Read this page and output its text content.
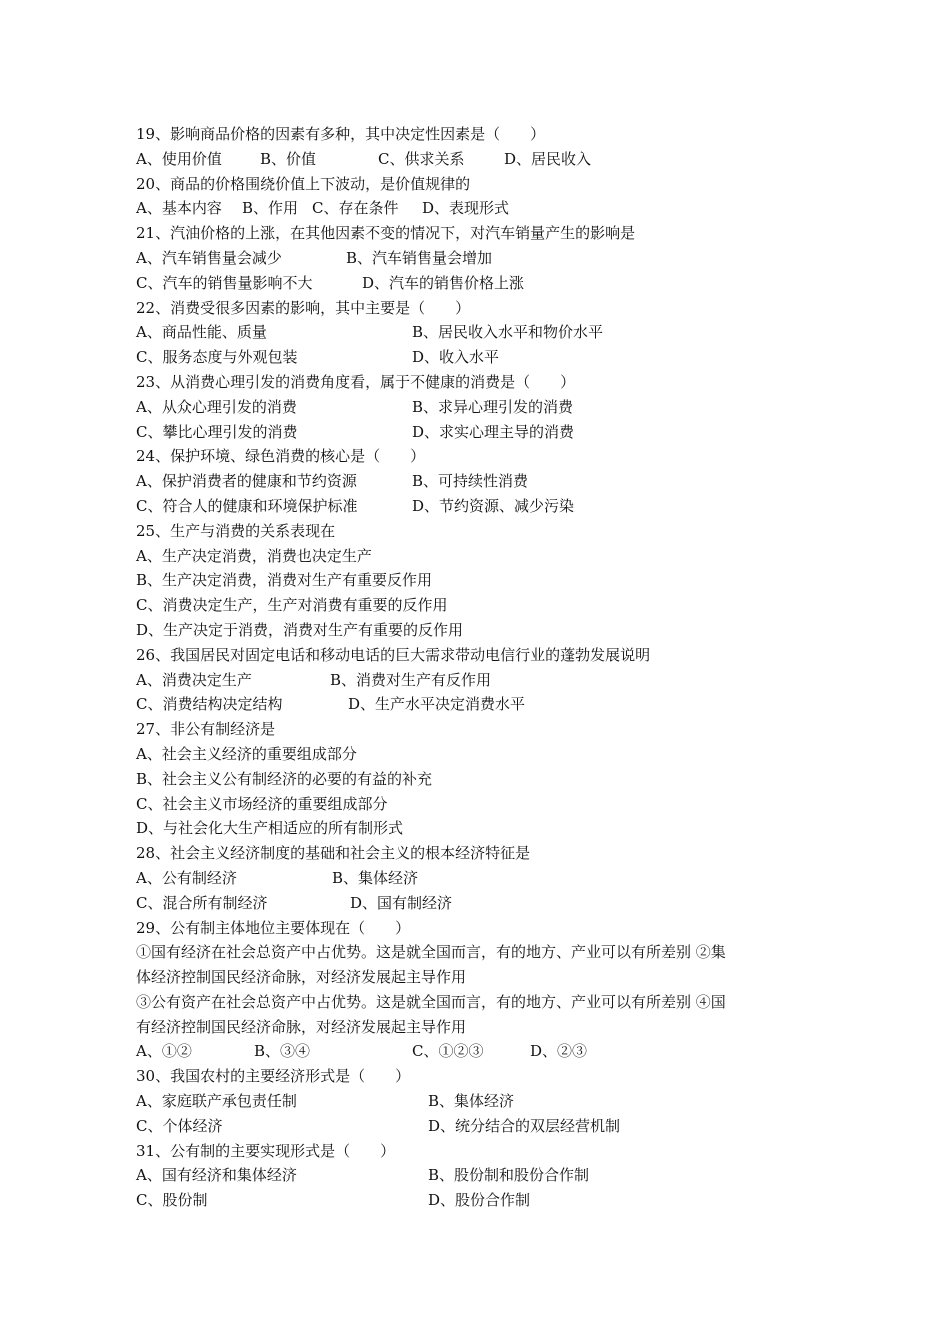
19、影响商品价格的因素有多种，其中决定性因素是（　　）
A、使用价值	B、价值	C、供求关系	D、居民收入
20、商品的价格围绕价值上下波动，是价值规律的
A、基本内容 B、作用 C、存在条件 D、表现形式
21、汽油价格的上涨，在其他因素不变的情况下，对汽车销量产生的影响是
A、汽车销售量会减少	B、汽车销售量会增加
C、汽车的销售量影响不大	D、汽车的销售价格上涨
22、消费受很多因素的影响，其中主要是（　　）
A、商品性能、质量	B、居民收入水平和物价水平
C、服务态度与外观包装	D、收入水平
23、从消费心理引发的消费角度看，属于不健康的消费是（　　）
A、从众心理引发的消费	B、求异心理引发的消费
C、攀比心理引发的消费	D、求实心理主导的消费
24、保护环境、绿色消费的核心是（　　）
A、保护消费者的健康和节约资源	B、可持续性消费
C、符合人的健康和环境保护标准	D、节约资源、减少污染
25、生产与消费的关系表现在
A、生产决定消费，消费也决定生产
B、生产决定消费，消费对生产有重要反作用
C、消费决定生产，生产对消费有重要的反作用
D、生产决定于消费，消费对生产有重要的反作用
26、我国居民对固定电话和移动电话的巨大需求带动电信行业的蓬勃发展说明
A、消费决定生产	B、消费对生产有反作用
C、消费结构决定结构	D、生产水平决定消费水平
27、非公有制经济是
A、社会主义经济的重要组成部分
B、社会主义公有制经济的必要的有益的补充
C、社会主义市场经济的重要组成部分
D、与社会化大生产相适应的所有制形式
28、社会主义经济制度的基础和社会主义的根本经济特征是
A、公有制经济	B、集体经济
C、混合所有制经济	D、国有制经济
29、公有制主体地位主要体现在（　　）
①国有经济在社会总资产中占优势。这是就全国而言，有的地方、产业可以有所差别 ②集
体经济控制国民经济命脉，对经济发展起主导作用
③公有资产在社会总资产中占优势。这是就全国而言，有的地方、产业可以有所差别 ④国
有经济控制国民经济命脉，对经济发展起主导作用
A、①②	B、③④	C、①②③	D、②③
30、我国农村的主要经济形式是（　　）
A、家庭联产承包责任制	B、集体经济
C、个体经济	D、统分结合的双层经营机制
31、公有制的主要实现形式是（　　）
A、国有经济和集体经济	B、股份制和股份合作制
C、股份制	D、股份合作制
